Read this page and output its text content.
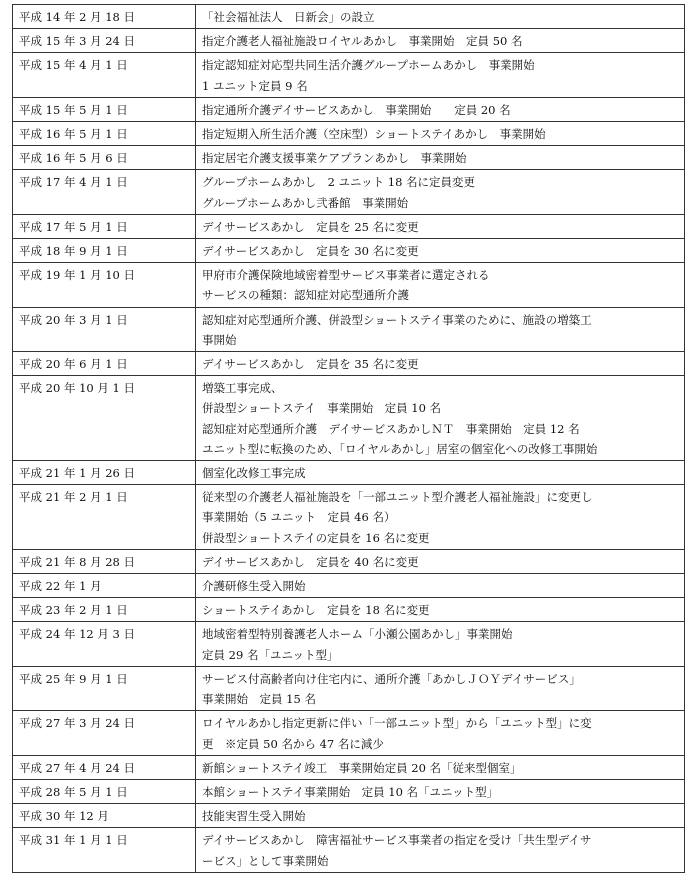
平成 14 年 2 月 18 日	「社会福祉法人　日新会」の設立

平成 15 年 3 月 24 日	指定介護老人福祉施設ロイヤルあかし　事業開始　定員 50 名

平成 15 年 4 月 1 日	指定認知症対応型共同生活介護グループホームあかし　事業開始
1 ユニット定員 9 名

平成 15 年 5 月 1 日	指定通所介護デイサービスあかし　事業開始　　定員 20 名

平成 16 年 5 月 1 日	指定短期入所生活介護（空床型）ショートステイあかし　事業開始

平成 16 年 5 月 6 日	指定居宅介護支援事業ケアプランあかし　事業開始

平成 17 年 4 月 1 日	グループホームあかし　2 ユニット 18 名に定員変更
グループホームあかし弐番館　事業開始

平成 17 年 5 月 1 日	デイサービスあかし　定員を 25 名に変更

平成 18 年 9 月 1 日	デイサービスあかし　定員を 30 名に変更

平成 19 年 1 月 10 日	甲府市介護保険地域密着型サービス事業者に選定される
サービスの種類：認知症対応型通所介護

平成 20 年 3 月 1 日	認知症対応型通所介護、併設型ショートステイ事業のために、施設の増築工
事開始

平成 20 年 6 月 1 日	デイサービスあかし　定員を 35 名に変更

平成 20 年 10 月 1 日	増築工事完成、
併設型ショートステイ　事業開始　定員 10 名
認知症対応型通所介護　デイサービスあかしＮＴ　事業開始　定員 12 名
ユニット型に転換のため、「ロイヤルあかし」居室の個室化への改修工事開始

平成 21 年 1 月 26 日	個室化改修工事完成

平成 21 年 2 月 1 日	従来型の介護老人福祉施設を「一部ユニット型介護老人福祉施設」に変更し
事業開始（5 ユニット　定員 46 名）
併設型ショートステイの定員を 16 名に変更

平成 21 年 8 月 28 日	デイサービスあかし　定員を 40 名に変更

平成 22 年 1 月	介護研修生受入開始

平成 23 年 2 月 1 日	ショートステイあかし　定員を 18 名に変更

平成 24 年 12 月 3 日	地域密着型特別養護老人ホーム「小瀬公園あかし」事業開始
定員 29 名「ユニット型」

平成 25 年 9 月 1 日	サービス付高齢者向け住宅内に、通所介護「あかしＪＯＹデイサービス」
事業開始　定員 15 名

平成 27 年 3 月 24 日	ロイヤルあかし指定更新に伴い「一部ユニット型」から「ユニット型」に変
更　※定員 50 名から 47 名に減少

平成 27 年 4 月 24 日	新館ショートステイ竣工　事業開始定員 20 名「従来型個室」

平成 28 年 5 月 1 日	本館ショートステイ事業開始　定員 10 名「ユニット型」

平成 30 年 12 月	技能実習生受入開始

平成 31 年 1 月 1 日	デイサービスあかし　障害福祉サービス事業者の指定を受け「共生型デイサ
ービス」として事業開始
